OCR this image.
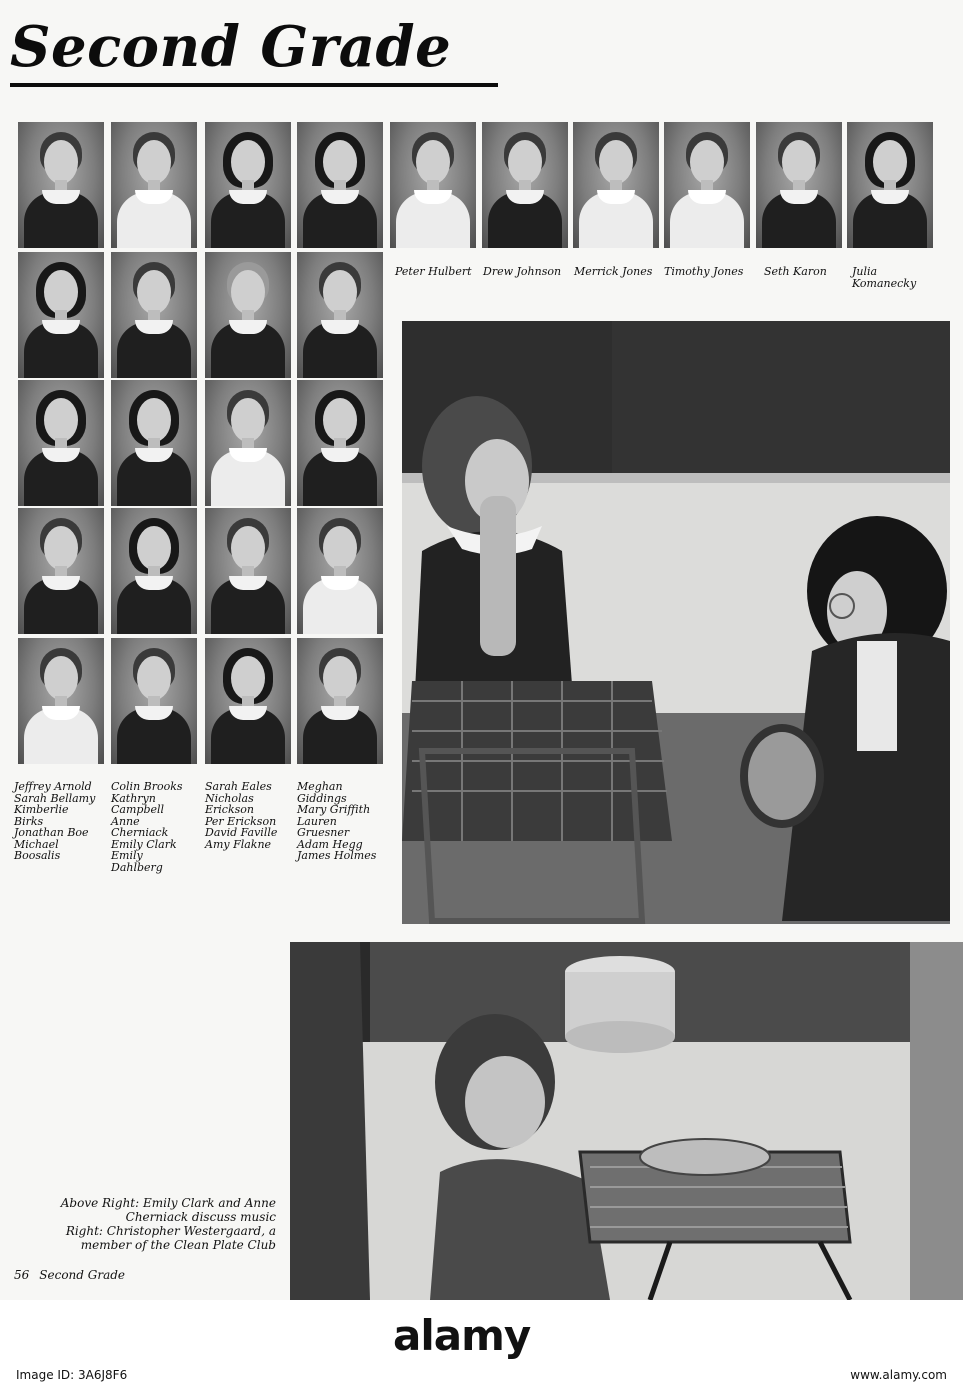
Second Grade
Peter Hulbert Drew Johnson Merrick Jones Timothy Jones Seth Karon Julia
Komanecky
Jeffrey Arnold
Sarah Bellamy
Kimberlie
Birks
Jonathan Boe
Michael
Boosalis
Colin Brooks
Kathryn
Campbell
Anne
Cherniack
Emily Clark
Emily
Dahlberg
Sarah Eales
Nicholas
Erickson
Per Erickson
David Faville
Amy Flakne
Meghan
Giddings
Mary Griffith
Lauren
Gruesner
Adam Hegg
James Holmes
Above Right: Emily Clark and Anne
Cherniack discuss music
Right: Christopher Westergaard, a
member of the Clean Plate Club
56 Second Grade
alamy
Image ID: 3A6J8F6	www.alamy.com
